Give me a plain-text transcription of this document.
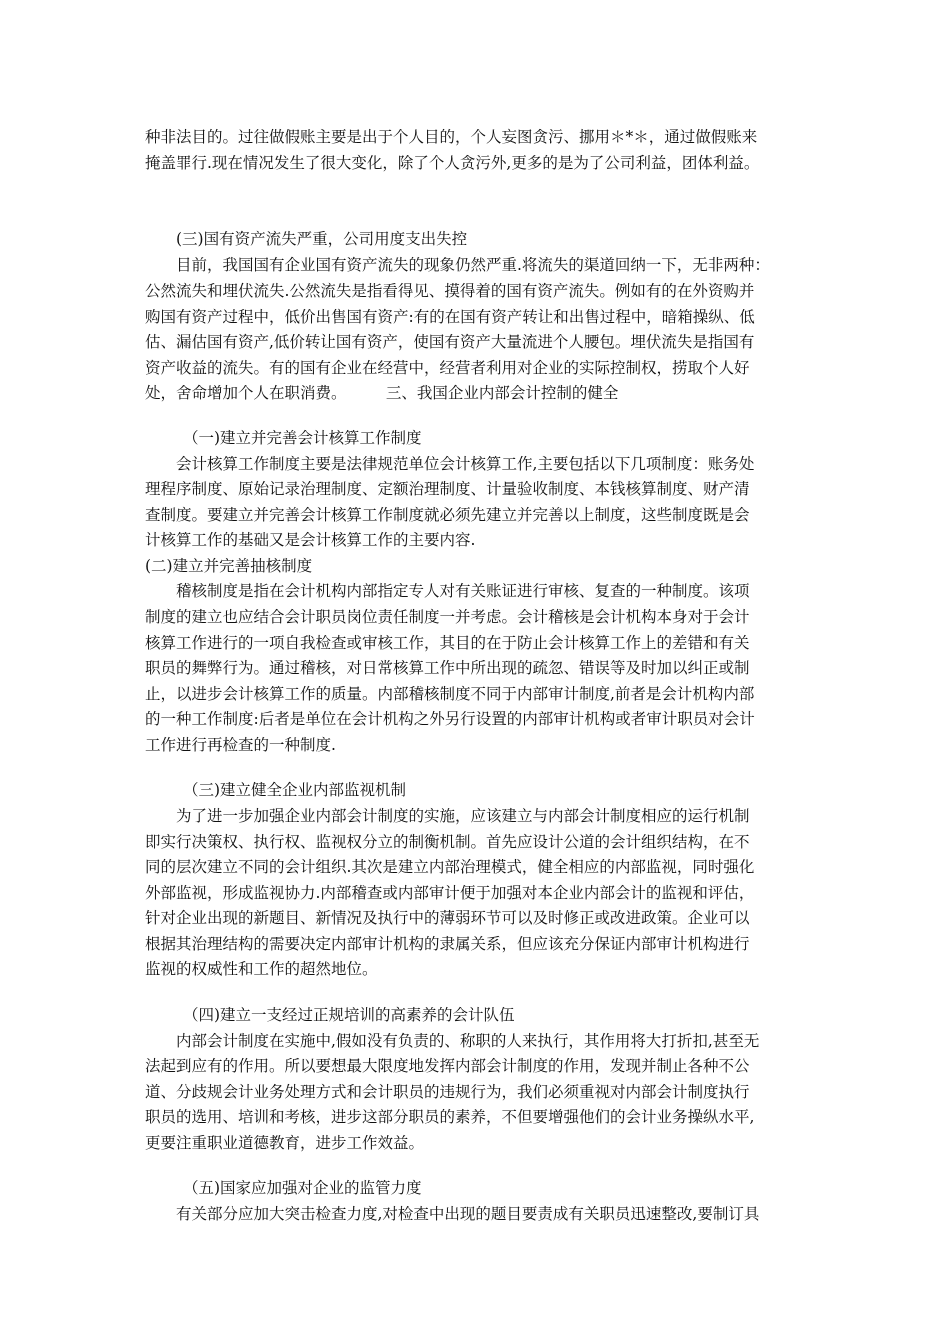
种非法目的。过往做假账主要是出于个人目的，个人妄图贪污、挪用＊*＊，通过做假账来
掩盖罪行.现在情况发生了很大变化，除了个人贪污外,更多的是为了公司利益，团体利益。
(三)国有资产流失严重，公司用度支出失控
目前，我国国有企业国有资产流失的现象仍然严重.将流失的渠道回纳一下，无非两种：
公然流失和埋伏流失.公然流失是指看得见、摸得着的国有资产流失。例如有的在外资购并
购国有资产过程中，低价出售国有资产:有的在国有资产转让和出售过程中，暗箱操纵、低
估、漏估国有资产,低价转让国有资产，使国有资产大量流进个人腰包。埋伏流失是指国有
资产收益的流失。有的国有企业在经营中，经营者利用对企业的实际控制权，捞取个人好
处，舍命增加个人在职消费。        三、我国企业内部会计控制的健全
（一)建立并完善会计核算工作制度
会计核算工作制度主要是法律规范单位会计核算工作,主要包括以下几项制度：账务处
理程序制度、原始记录治理制度、定额治理制度、计量验收制度、本钱核算制度、财产清
查制度。要建立并完善会计核算工作制度就必须先建立并完善以上制度，这些制度既是会
计核算工作的基础又是会计核算工作的主要内容.
(二)建立并完善抽核制度
稽核制度是指在会计机构内部指定专人对有关账证进行审核、复查的一种制度。该项
制度的建立也应结合会计职员岗位责任制度一并考虑。会计稽核是会计机构本身对于会计
核算工作进行的一项自我检查或审核工作，其目的在于防止会计核算工作上的差错和有关
职员的舞弊行为。通过稽核，对日常核算工作中所出现的疏忽、错误等及时加以纠正或制
止，以进步会计核算工作的质量。内部稽核制度不同于内部审计制度,前者是会计机构内部
的一种工作制度:后者是单位在会计机构之外另行设置的内部审计机构或者审计职员对会计
工作进行再检查的一种制度.
（三)建立健全企业内部监视机制
为了进一步加强企业内部会计制度的实施，应该建立与内部会计制度相应的运行机制
即实行决策权、执行权、监视权分立的制衡机制。首先应设计公道的会计组织结构，在不
同的层次建立不同的会计组织.其次是建立内部治理模式，健全相应的内部监视，同时强化
外部监视，形成监视协力.内部稽查或内部审计便于加强对本企业内部会计的监视和评估，
针对企业出现的新题目、新情况及执行中的薄弱环节可以及时修正或改进政策。企业可以
根据其治理结构的需要决定内部审计机构的隶属关系，但应该充分保证内部审计机构进行
监视的权威性和工作的超然地位。
（四)建立一支经过正规培训的高素养的会计队伍
内部会计制度在实施中,假如没有负责的、称职的人来执行，其作用将大打折扣,甚至无
法起到应有的作用。所以要想最大限度地发挥内部会计制度的作用，发现并制止各种不公
道、分歧规会计业务处理方式和会计职员的违规行为，我们必须重视对内部会计制度执行
职员的选用、培训和考核，进步这部分职员的素养，不但要增强他们的会计业务操纵水平,
更要注重职业道德教育，进步工作效益。
（五)国家应加强对企业的监管力度
有关部分应加大突击检查力度,对检查中出现的题目要责成有关职员迅速整改,要制订具
